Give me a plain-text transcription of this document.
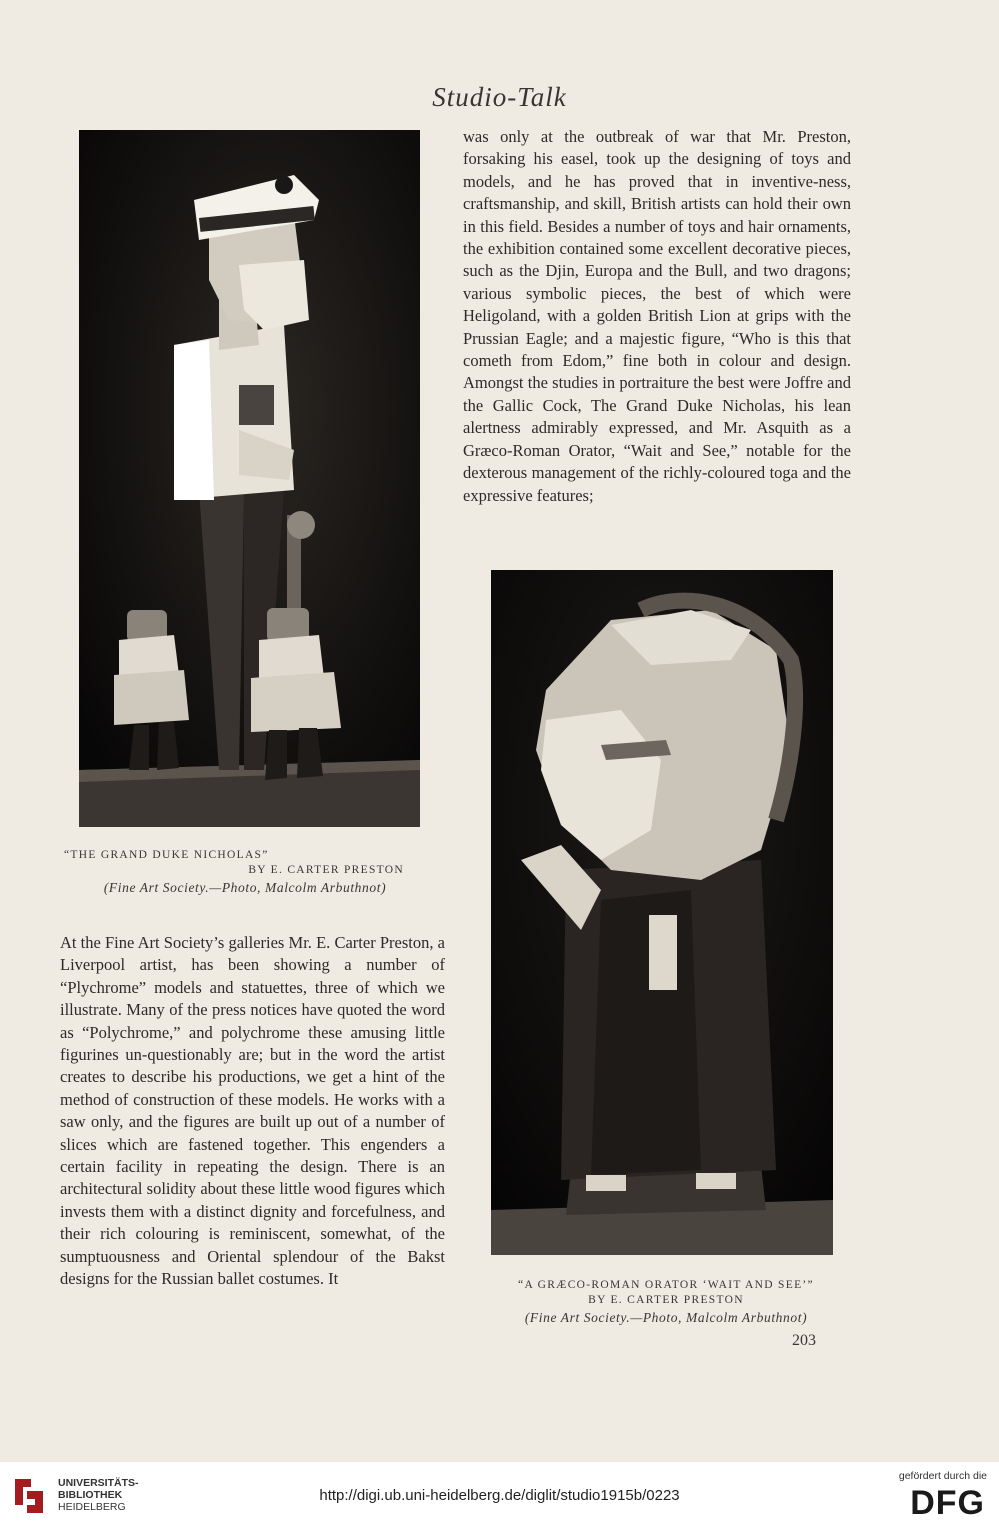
Studio-Talk

was only at the outbreak of war that Mr. Preston, forsaking his easel, took up the designing of toys and models, and he has proved that in inventive-ness, craftsmanship, and skill, British artists can hold their own in this field. Besides a number of toys and hair ornaments, the exhibition contained some excellent decorative pieces, such as the Djin, Europa and the Bull, and two dragons; various symbolic pieces, the best of which were Heligoland, with a golden British Lion at grips with the Prussian Eagle; and a majestic figure, “Who is this that cometh from Edom,” fine both in colour and design. Amongst the studies in portraiture the best were Joffre and the Gallic Cock, The Grand Duke Nicholas, his lean alertness admirably expressed, and Mr. Asquith as a Græco-Roman Orator, “Wait and See,” notable for the dexterous management of the richly-coloured toga and the expressive features;

“THE GRAND DUKE NICHOLAS”
BY E. CARTER PRESTON
(Fine Art Society.—Photo, Malcolm Arbuthnot)

At the Fine Art Society’s galleries Mr. E. Carter Preston, a Liverpool artist, has been showing a number of “Plychrome” models and statuettes, three of which we illustrate. Many of the press notices have quoted the word as “Polychrome,” and polychrome these amusing little figurines un-questionably are; but in the word the artist creates to describe his productions, we get a hint of the method of construction of these models. He works with a saw only, and the figures are built up out of a number of slices which are fastened together. This engenders a certain facility in repeating the design. There is an architectural solidity about these little wood figures which invests them with a distinct dignity and forcefulness, and their rich colouring is reminiscent, somewhat, of the sumptuousness and Oriental splendour of the Bakst designs for the Russian ballet costumes. It	“A GRÆCO-ROMAN ORATOR ‘WAIT AND SEE’”
BY E. CARTER PRESTON
(Fine Art Society.—Photo, Malcolm Arbuthnot)
203
UNIVERSITÄTS-
BIBLIOTHEK
HEIDELBERG
http://digi.ub.uni-heidelberg.de/diglit/studio1915b/0223
gefördert durch die
DFG
